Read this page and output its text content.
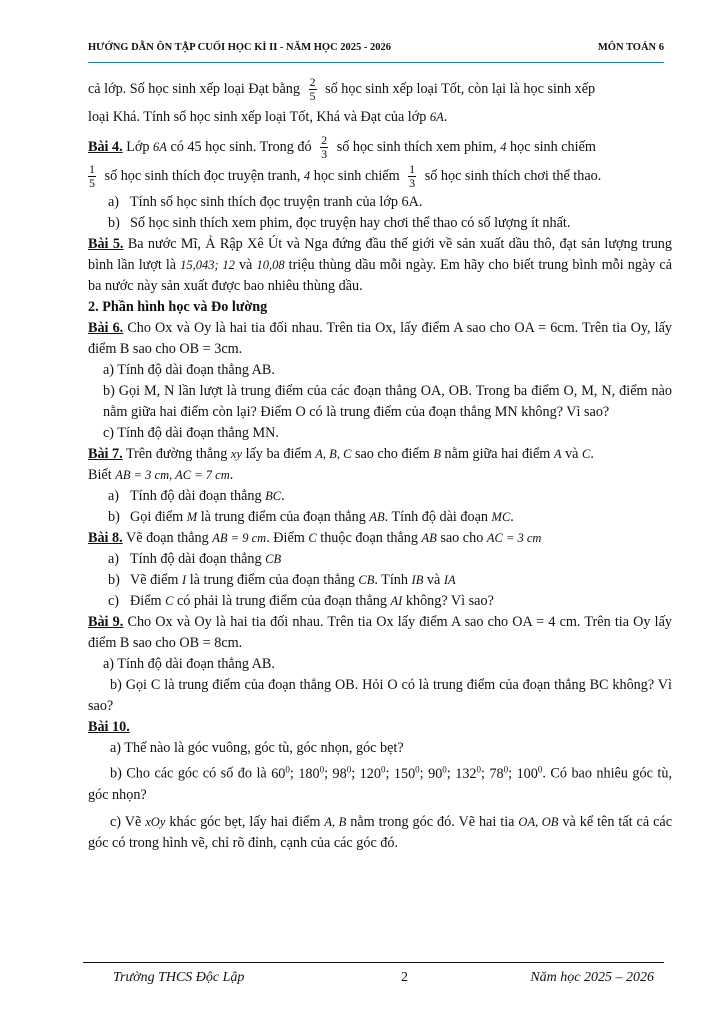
HƯỚNG DẪN ÔN TẬP CUỐI HỌC KÌ II - NĂM HỌC 2025 - 2026	MÔN TOÁN 6

cả lớp. Số học sinh xếp loại Đạt bằng $\frac{2}{5}$ số học sinh xếp loại Tốt, còn lại là học sinh xếp

loại Khá. Tính số học sinh xếp loại Tốt, Khá và Đạt của lớp 6A.

Bài 4. Lớp 6A có 45 học sinh. Trong đó $\frac{2}{3}$ số học sinh thích xem phim, 4 học sinh chiếm

$\frac{1}{5}$ số học sinh thích đọc truyện tranh, 4 học sinh chiếm $\frac{1}{3}$ số học sinh thích chơi thể thao.

a) Tính số học sinh thích đọc truyện tranh của lớp 6A.
b) Số học sinh thích xem phim, đọc truyện hay chơi thể thao có số lượng ít nhất.

Bài 5. Ba nước Mĩ, Ả Rập Xê Út và Nga đứng đầu thế giới về sản xuất dầu thô, đạt sản lượng trung bình lần lượt là 15,043; 12 và 10,08 triệu thùng dầu mỗi ngày. Em hãy cho biết trung bình mỗi ngày cả ba nước này sản xuất được bao nhiêu thùng dầu.

2. Phần hình học và Đo lường

Bài 6. Cho Ox và Oy là hai tia đối nhau. Trên tia Ox, lấy điểm A sao cho OA = 6cm. Trên tia Oy, lấy điểm B sao cho OB = 3cm.

a) Tính độ dài đoạn thẳng AB.

b) Gọi M, N lần lượt là trung điểm của các đoạn thẳng OA, OB. Trong ba điểm O, M, N, điểm nào nằm giữa hai điểm còn lại? Điểm O có là trung điểm của đoạn thẳng MN không? Vì sao?

c) Tính độ dài đoạn thẳng MN.

Bài 7. Trên đường thẳng xy lấy ba điểm A, B, C sao cho điểm B nằm giữa hai điểm A và C.

Biết AB = 3 cm, AC = 7 cm.

a) Tính độ dài đoạn thẳng BC.
b) Gọi điểm M là trung điểm của đoạn thẳng AB. Tính độ dài đoạn MC.

Bài 8. Vẽ đoạn thẳng AB = 9 cm. Điểm C thuộc đoạn thẳng AB sao cho AC = 3 cm

a) Tính độ dài đoạn thẳng CB
b) Vẽ điểm I là trung điểm của đoạn thẳng CB. Tính IB và IA
c) Điểm C có phải là trung điểm của đoạn thẳng AI không? Vì sao?

Bài 9. Cho Ox và Oy là hai tia đối nhau. Trên tia Ox lấy điểm A sao cho OA = 4 cm. Trên tia Oy lấy điểm B sao cho OB = 8cm.

a) Tính độ dài đoạn thẳng AB.

b) Gọi C là trung điểm của đoạn thẳng OB. Hỏi O có là trung điểm của đoạn thẳng BC không? Vì sao?

Bài 10.

a) Thế nào là góc vuông, góc tù, góc nhọn, góc bẹt?

b) Cho các góc có số đo là $60^0$; $180^0$; $98^0$; $120^0$; $150^0$; $90^0$; $132^0$; $78^0$; $100^0$. Có bao nhiêu góc tù, góc nhọn?

c) Vẽ xOy khác góc bẹt, lấy hai điểm A, B nằm trong góc đó. Vẽ hai tia OA, OB và kể tên tất cả các góc có trong hình vẽ, chỉ rõ đỉnh, cạnh của các góc đó.

Trường THCS Độc Lập	2	Năm học 2025 – 2026
